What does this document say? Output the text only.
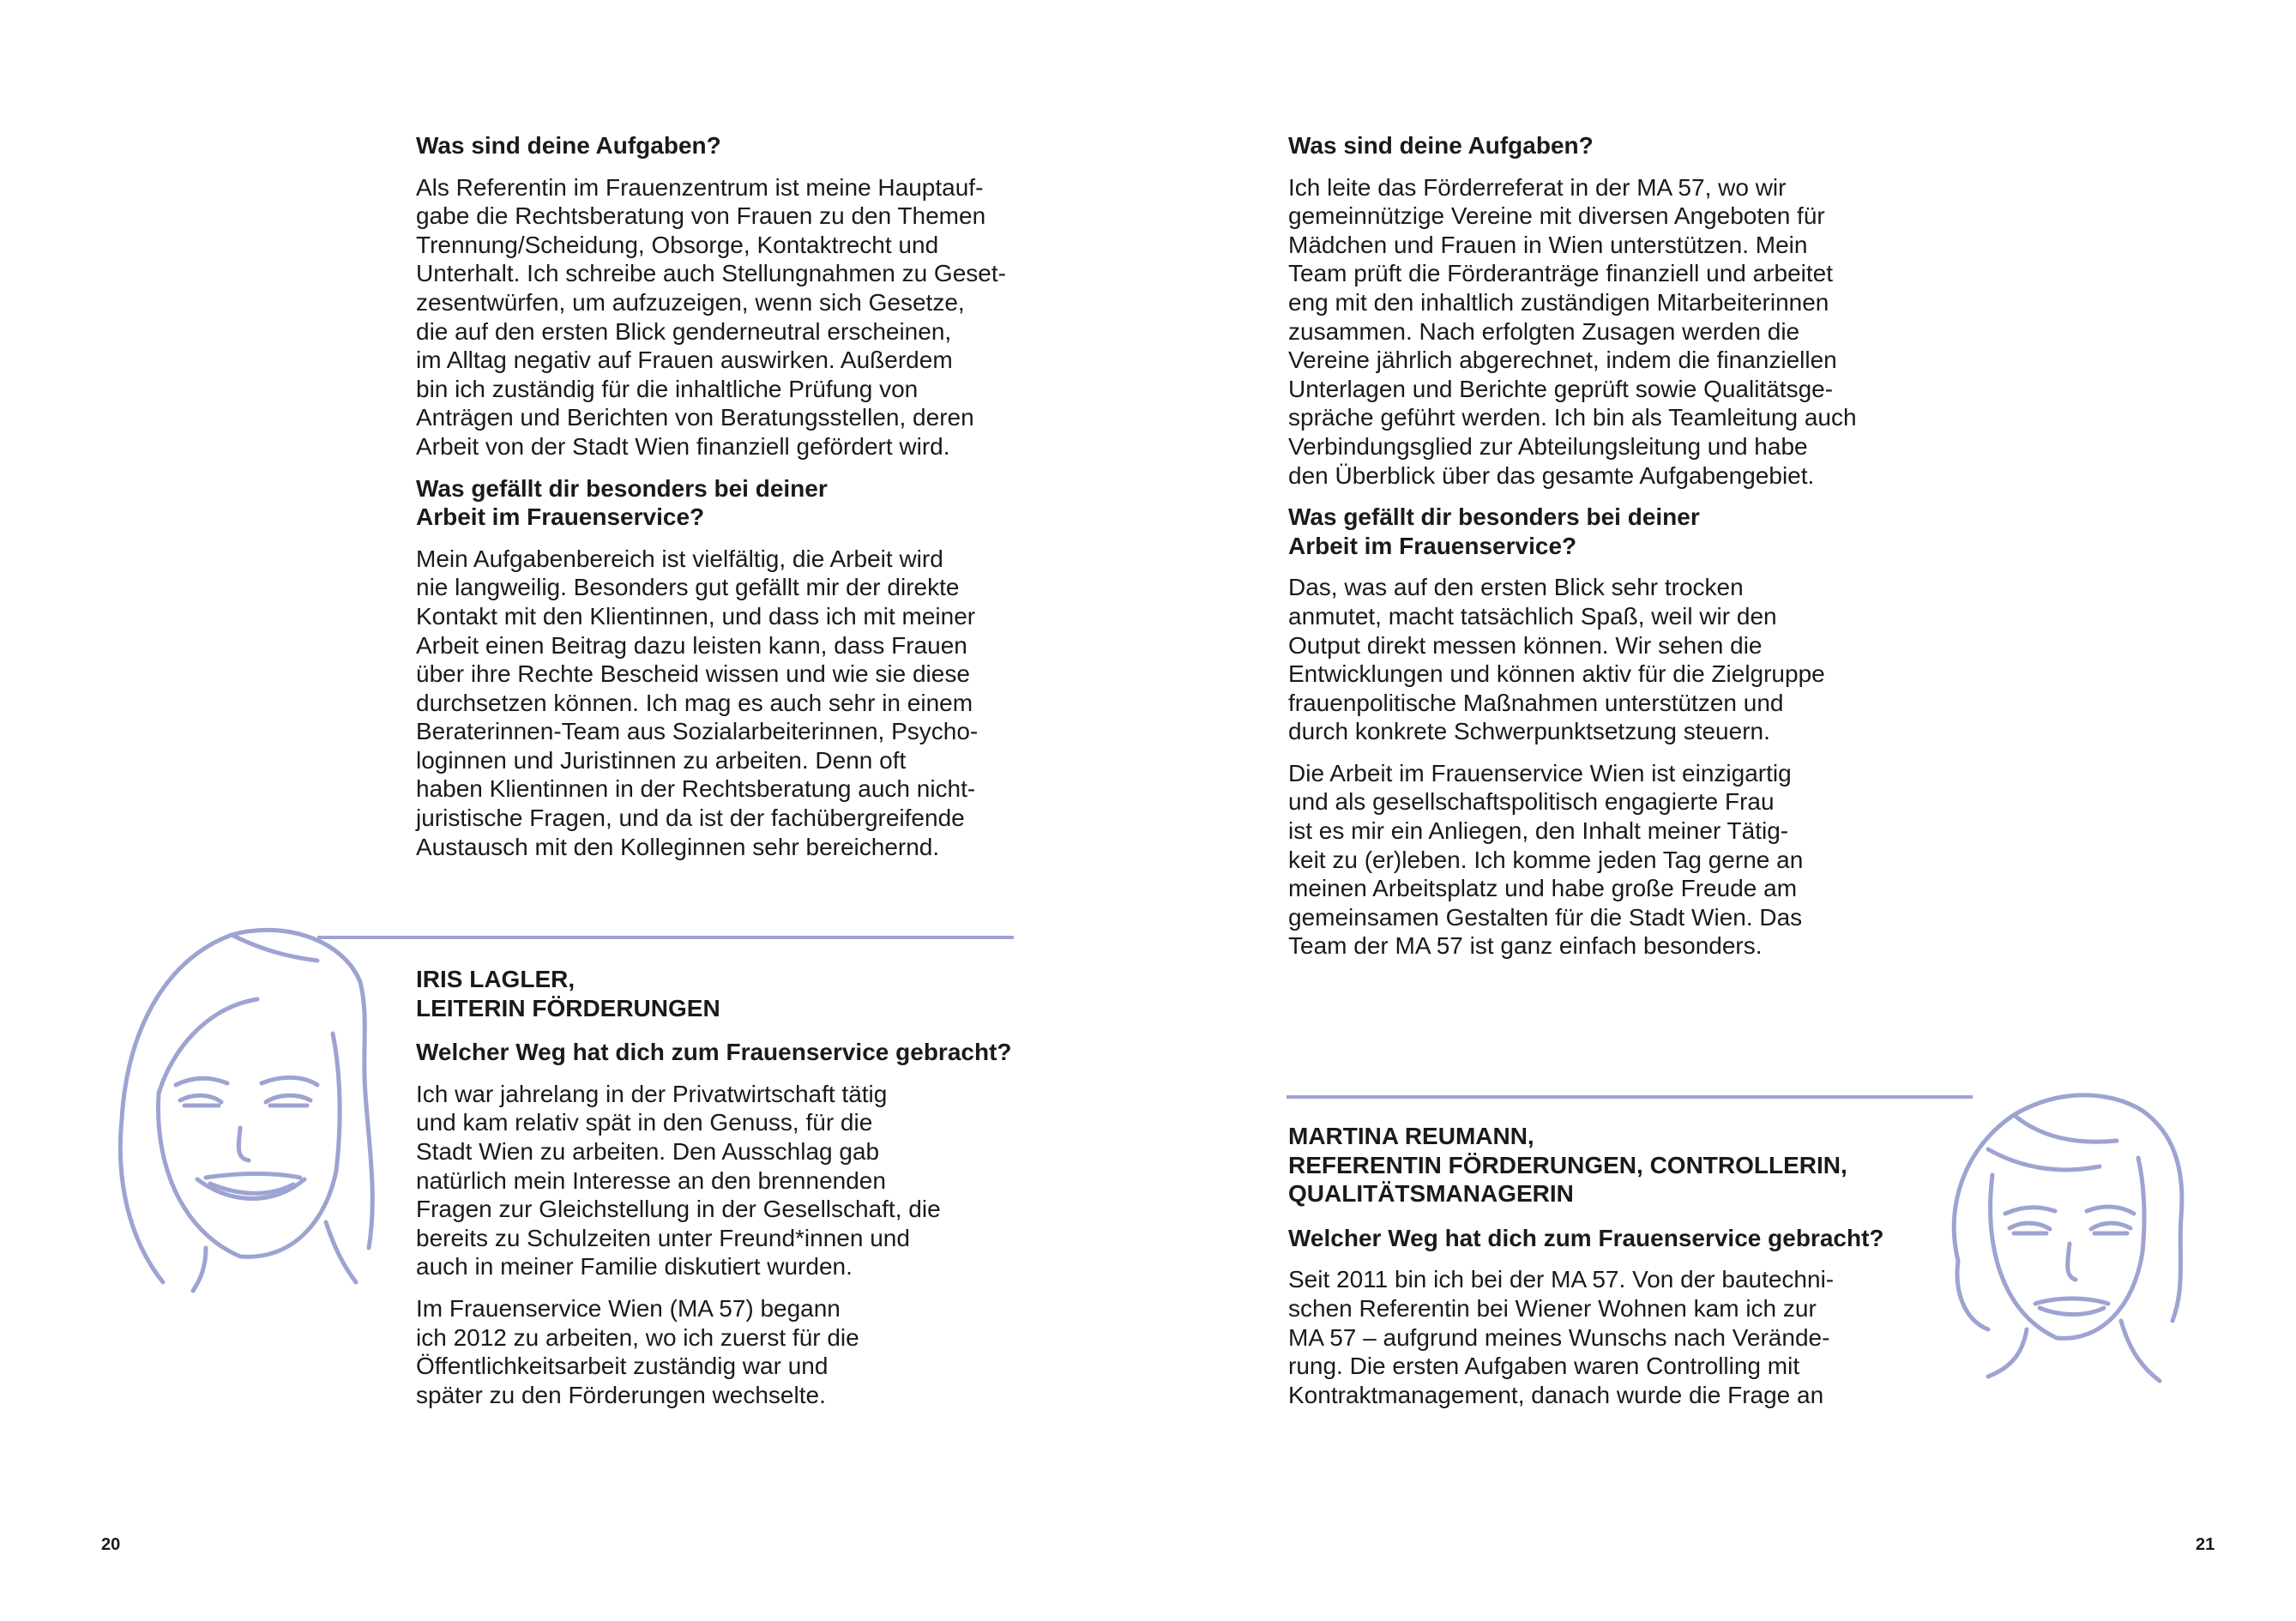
Was sind deine Aufgaben?

Als Referentin im Frauenzentrum ist meine Hauptauf-
gabe die Rechtsberatung von Frauen zu den Themen
Trennung/Scheidung, Obsorge, Kontaktrecht und
Unterhalt. Ich schreibe auch Stellungnahmen zu Geset-
zesentwürfen, um aufzuzeigen, wenn sich Gesetze,
die auf den ersten Blick genderneutral erscheinen,
im Alltag negativ auf Frauen auswirken. Außerdem
bin ich zuständig für die inhaltliche Prüfung von
Anträgen und Berichten von Beratungsstellen, deren
Arbeit von der Stadt Wien finanziell gefördert wird.

Was gefällt dir besonders bei deiner
Arbeit im Frauenservice?

Mein Aufgabenbereich ist vielfältig, die Arbeit wird
nie langweilig. Besonders gut gefällt mir der direkte
Kontakt mit den Klientinnen, und dass ich mit meiner
Arbeit einen Beitrag dazu leisten kann, dass Frauen
über ihre Rechte Bescheid wissen und wie sie diese
durchsetzen können. Ich mag es auch sehr in einem
Beraterinnen-Team aus Sozialarbeiterinnen, Psycho-
loginnen und Juristinnen zu arbeiten. Denn oft
haben Klientinnen in der Rechtsberatung auch nicht-
juristische Fragen, und da ist der fachübergreifende
Austausch mit den Kolleginnen sehr bereichernd.

IRIS LAGLER,
LEITERIN FÖRDERUNGEN
Welcher Weg hat dich zum Frauenservice gebracht?

Ich war jahrelang in der Privatwirtschaft tätig
und kam relativ spät in den Genuss, für die
Stadt Wien zu arbeiten. Den Ausschlag gab
natürlich mein Interesse an den brennenden
Fragen zur Gleichstellung in der Gesellschaft, die
bereits zu Schulzeiten unter Freund*innen und
auch in meiner Familie diskutiert wurden.

Im Frauenservice Wien (MA 57) begann
ich 2012 zu arbeiten, wo ich zuerst für die
Öffentlichkeitsarbeit zuständig war und
später zu den Förderungen wechselte.

20
Was sind deine Aufgaben?

Ich leite das Förderreferat in der MA 57, wo wir
gemeinnützige Vereine mit diversen Angeboten für
Mädchen und Frauen in Wien unterstützen. Mein
Team prüft die Förderanträge finanziell und arbeitet
eng mit den inhaltlich zuständigen Mitarbeiterinnen
zusammen. Nach erfolgten Zusagen werden die
Vereine jährlich abgerechnet, indem die finanziellen
Unterlagen und Berichte geprüft sowie Qualitätsge-
spräche geführt werden. Ich bin als Teamleitung auch
Verbindungsglied zur Abteilungsleitung und habe
den Überblick über das gesamte Aufgabengebiet.

Was gefällt dir besonders bei deiner
Arbeit im Frauenservice?

Das, was auf den ersten Blick sehr trocken
anmutet, macht tatsächlich Spaß, weil wir den
Output direkt messen können. Wir sehen die
Entwicklungen und können aktiv für die Zielgruppe
frauenpolitische Maßnahmen unterstützen und
durch konkrete Schwerpunktsetzung steuern.

Die Arbeit im Frauenservice Wien ist einzigartig
und als gesellschaftspolitisch engagierte Frau
ist es mir ein Anliegen, den Inhalt meiner Tätig-
keit zu (er)leben. Ich komme jeden Tag gerne an
meinen Arbeitsplatz und habe große Freude am
gemeinsamen Gestalten für die Stadt Wien. Das
Team der MA 57 ist ganz einfach besonders.

MARTINA REUMANN,
REFERENTIN FÖRDERUNGEN, CONTROLLERIN,
QUALITÄTSMANAGERIN
Welcher Weg hat dich zum Frauenservice gebracht?

Seit 2011 bin ich bei der MA 57. Von der bautechni-
schen Referentin bei Wiener Wohnen kam ich zur
MA 57 – aufgrund meines Wunschs nach Verände-
rung. Die ersten Aufgaben waren Controlling mit
Kontraktmanagement, danach wurde die Frage an

21
